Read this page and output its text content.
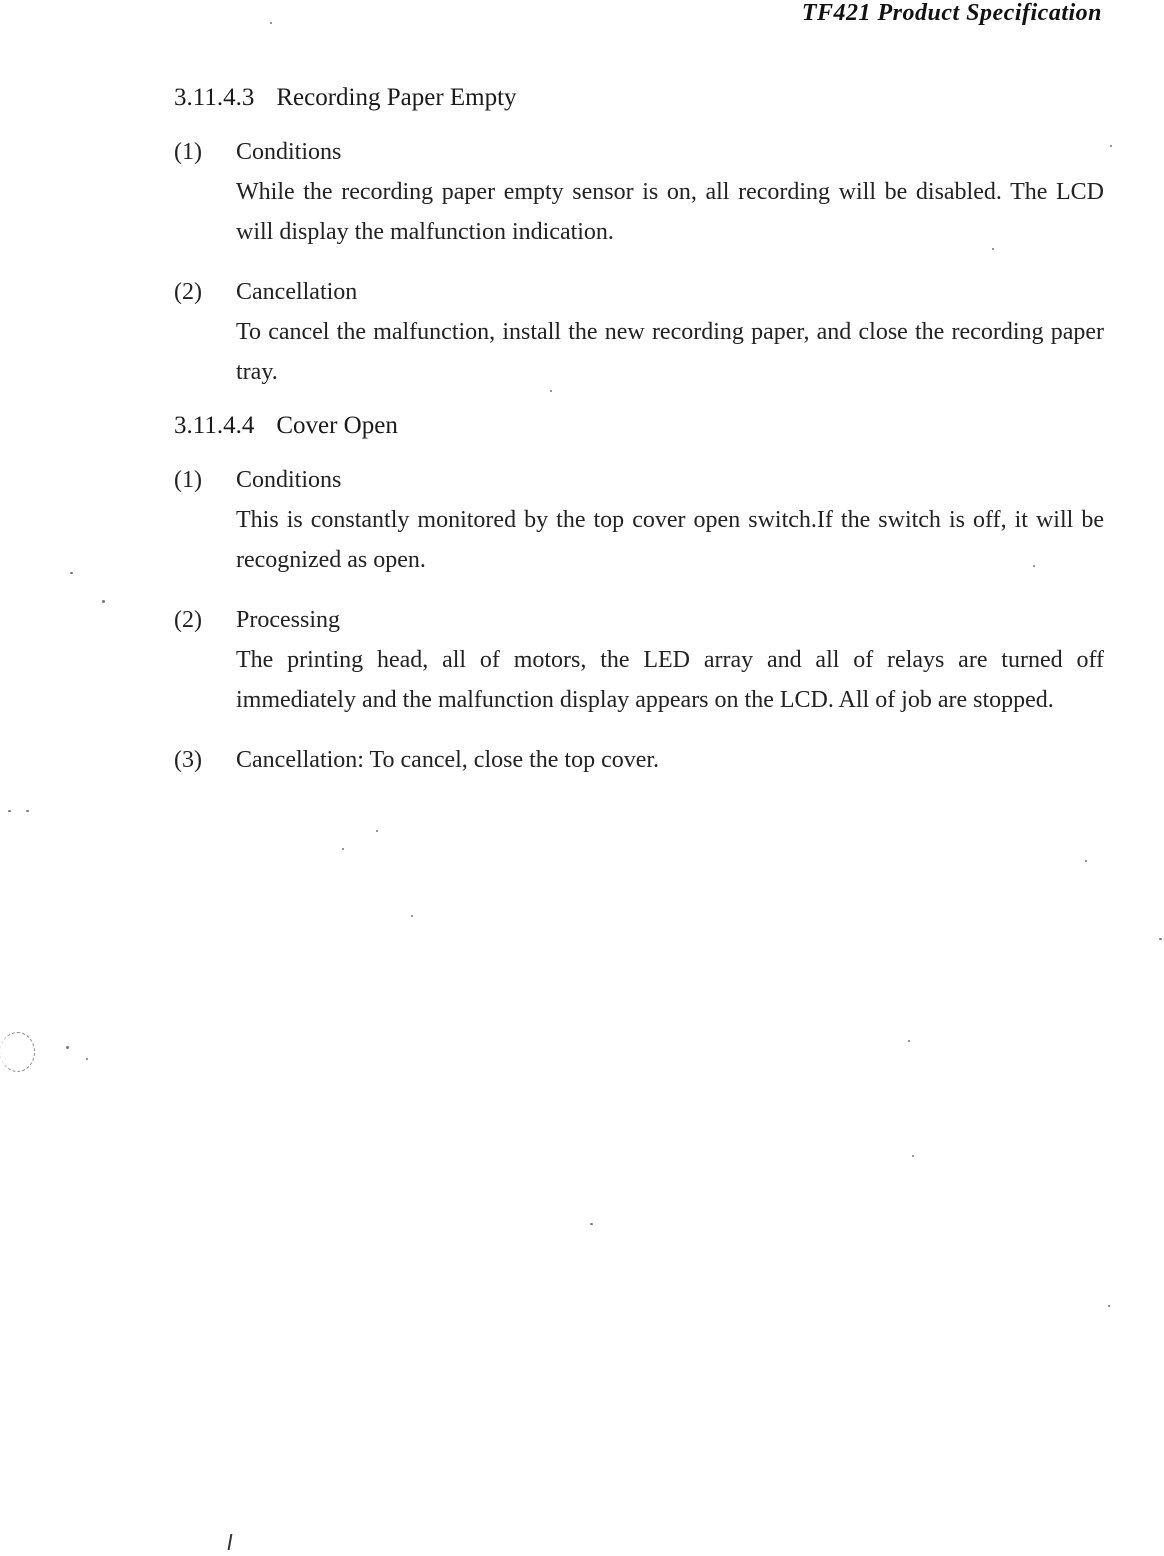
TF421 Product Specification
3.11.4.3 Recording Paper Empty
(1)	Conditions
While the recording paper empty sensor is on, all recording will be disabled. The LCD will display the malfunction indication.
(2)	Cancellation
To cancel the malfunction, install the new recording paper, and close the recording paper tray.
3.11.4.4 Cover Open
(1)	Conditions
This is constantly monitored by the top cover open switch.If the switch is off, it will be recognized as open.
(2)	Processing
The printing head, all of motors, the LED array and all of relays are turned off immediately and the malfunction display appears on the LCD. All of job are stopped.
(3)	Cancellation: To cancel, close the top cover.
